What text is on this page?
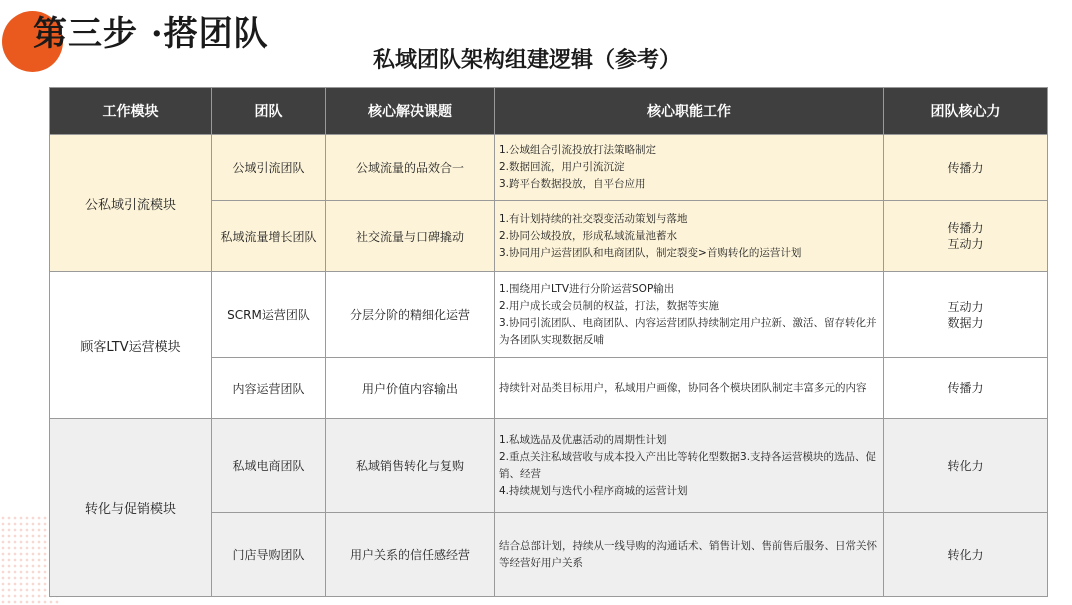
第三步 ·搭团队
私域团队架构组建逻辑（参考）
工作模块	团队	核心解决课题	核心职能工作	团队核心力
公私域引流模块	公域引流团队	公域流量的品效合一	1.公域组合引流投放打法策略制定
2.数据回流，用户引流沉淀
3.跨平台数据投放，自平台应用	传播力

	私域流量增长团队	社交流量与口碑撬动	1.有计划持续的社交裂变活动策划与落地
2.协同公域投放，形成私域流量池蓄水
3.协同用户运营团队和电商团队，制定裂变>首购转化的运营计划	传播力
互动力

顾客LTV运营模块	SCRM运营团队	分层分阶的精细化运营	1.围绕用户LTV进行分阶运营SOP输出
2.用户成长或会员制的权益，打法，数据等实施
3.协同引流团队、电商团队、内容运营团队持续制定用户拉新、激活、留存转化并为各团队实现数据反哺	互动力
数据力

	内容运营团队	用户价值内容输出	持续针对品类目标用户，私域用户画像，协同各个模块团队制定丰富多元的内容	传播力

转化与促销模块	私域电商团队	私域销售转化与复购	1.私域选品及优惠活动的周期性计划
2.重点关注私域营收与成本投入产出比等转化型数据3.支持各运营模块的选品、促销、经营
4.持续规划与迭代小程序商城的运营计划	转化力

	门店导购团队	用户关系的信任感经营	结合总部计划，持续从一线导购的沟通话术、销售计划、售前售后服务、日常关怀等经营好用户关系	转化力
